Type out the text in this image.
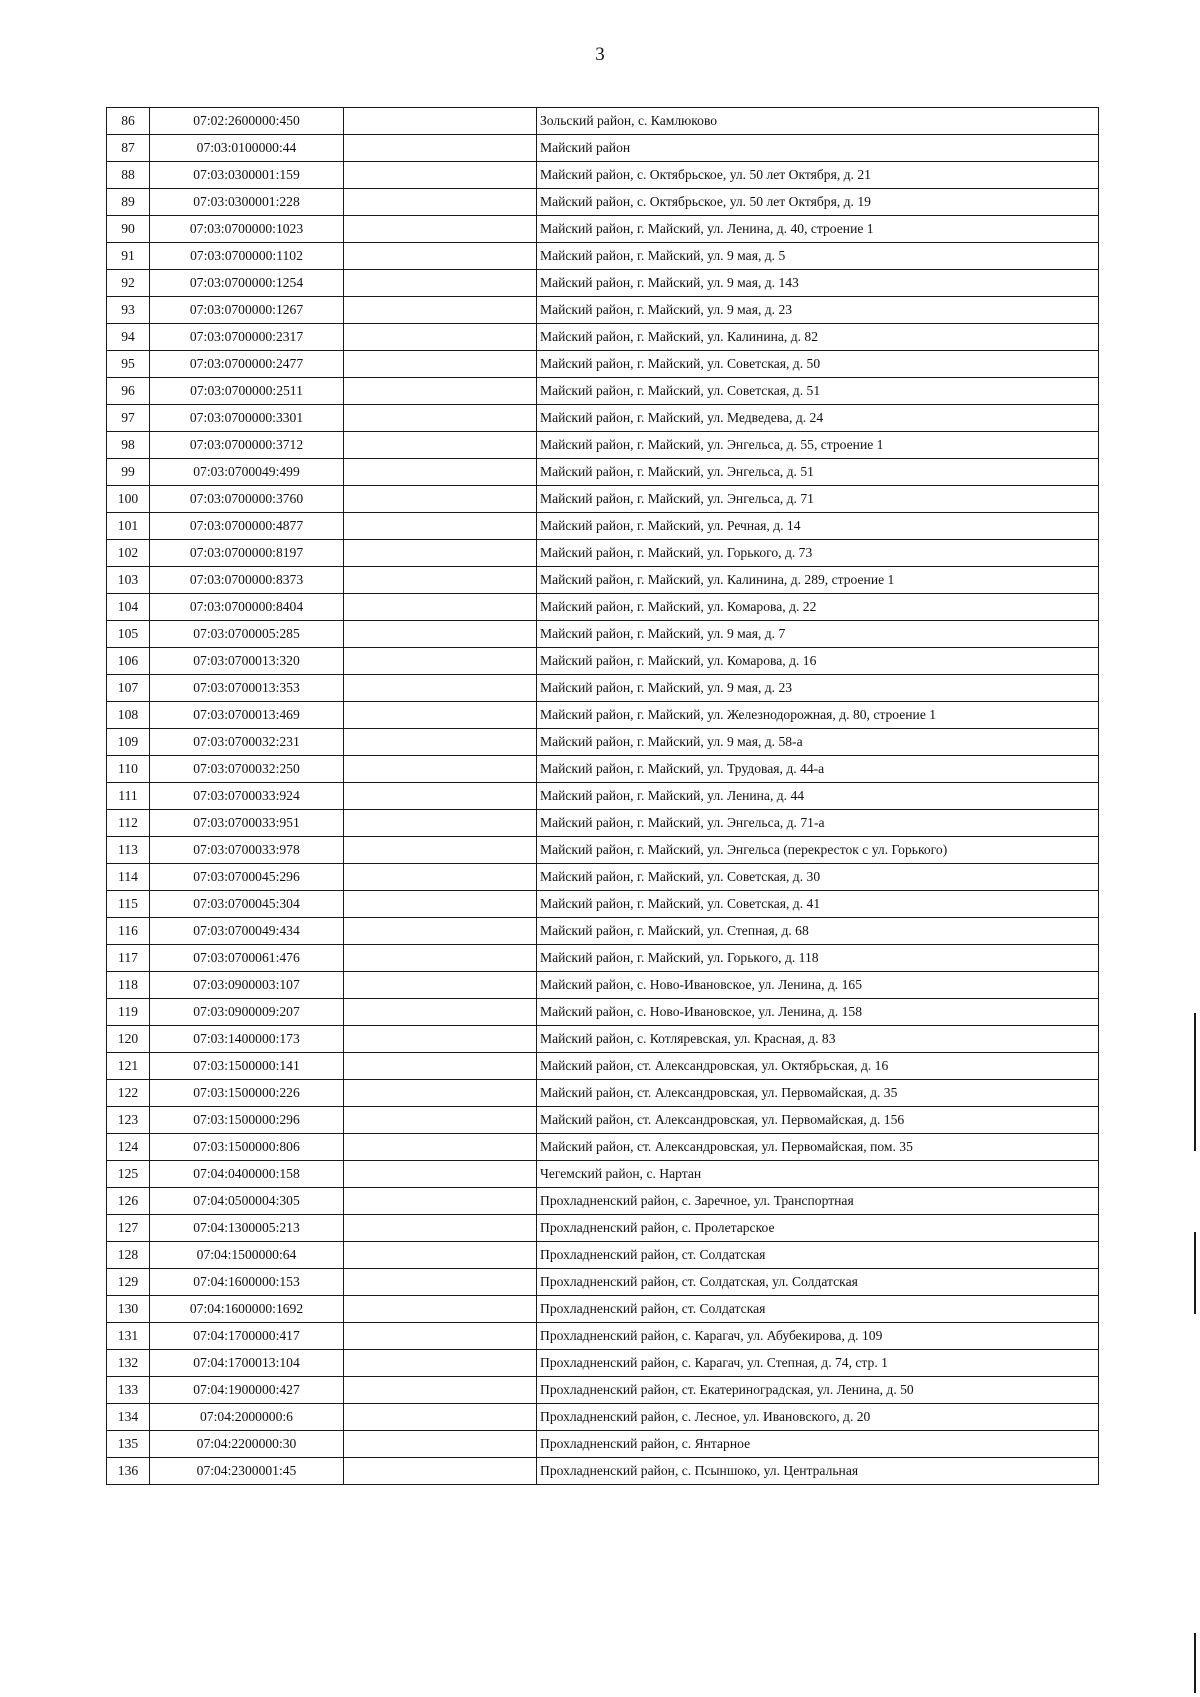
3
86	07:02:2600000:450		Зольский район, с. Камлюково
87	07:03:0100000:44		Майский район
88	07:03:0300001:159		Майский район, с. Октябрьское, ул. 50 лет Октября, д. 21
89	07:03:0300001:228		Майский район, с. Октябрьское, ул. 50 лет Октября, д. 19
90	07:03:0700000:1023		Майский район, г. Майский, ул. Ленина, д. 40, строение 1
91	07:03:0700000:1102		Майский район, г. Майский, ул. 9 мая, д. 5
92	07:03:0700000:1254		Майский район, г. Майский, ул. 9 мая, д. 143
93	07:03:0700000:1267		Майский район, г. Майский, ул. 9 мая, д. 23
94	07:03:0700000:2317		Майский район, г. Майский, ул. Калинина, д. 82
95	07:03:0700000:2477		Майский район, г. Майский, ул. Советская, д. 50
96	07:03:0700000:2511		Майский район, г. Майский, ул. Советская, д. 51
97	07:03:0700000:3301		Майский район, г. Майский, ул. Медведева, д. 24
98	07:03:0700000:3712		Майский район, г. Майский, ул. Энгельса, д. 55, строение 1
99	07:03:0700049:499		Майский район, г. Майский, ул. Энгельса, д. 51
100	07:03:0700000:3760		Майский район, г. Майский, ул. Энгельса, д. 71
101	07:03:0700000:4877		Майский район, г. Майский, ул. Речная, д. 14
102	07:03:0700000:8197		Майский район, г. Майский, ул. Горького, д. 73
103	07:03:0700000:8373		Майский район, г. Майский, ул. Калинина, д. 289, строение 1
104	07:03:0700000:8404		Майский район, г. Майский, ул. Комарова, д. 22
105	07:03:0700005:285		Майский район, г. Майский, ул. 9 мая, д. 7
106	07:03:0700013:320		Майский район, г. Майский, ул. Комарова, д. 16
107	07:03:0700013:353		Майский район, г. Майский, ул. 9 мая, д. 23
108	07:03:0700013:469		Майский район, г. Майский, ул. Железнодорожная, д. 80, строение 1
109	07:03:0700032:231		Майский район, г. Майский, ул. 9 мая, д. 58-а
110	07:03:0700032:250		Майский район, г. Майский, ул. Трудовая, д. 44-а
111	07:03:0700033:924		Майский район, г. Майский, ул. Ленина, д. 44
112	07:03:0700033:951		Майский район, г. Майский, ул. Энгельса, д. 71-а
113	07:03:0700033:978		Майский район, г. Майский, ул. Энгельса (перекресток с ул. Горького)
114	07:03:0700045:296		Майский район, г. Майский, ул. Советская, д. 30
115	07:03:0700045:304		Майский район, г. Майский, ул. Советская, д. 41
116	07:03:0700049:434		Майский район, г. Майский, ул. Степная, д. 68
117	07:03:0700061:476		Майский район, г. Майский, ул. Горького, д. 118
118	07:03:0900003:107		Майский район, с. Ново-Ивановское, ул. Ленина, д. 165
119	07:03:0900009:207		Майский район, с. Ново-Ивановское, ул. Ленина, д. 158
120	07:03:1400000:173		Майский район, с. Котляревская, ул. Красная, д. 83
121	07:03:1500000:141		Майский район, ст. Александровская, ул. Октябрьская, д. 16
122	07:03:1500000:226		Майский район, ст. Александровская, ул. Первомайская, д. 35
123	07:03:1500000:296		Майский район, ст. Александровская, ул. Первомайская, д. 156
124	07:03:1500000:806		Майский район, ст. Александровская, ул. Первомайская, пом. 35
125	07:04:0400000:158		Чегемский район, с. Нартан
126	07:04:0500004:305		Прохладненский район, с. Заречное, ул. Транспортная
127	07:04:1300005:213		Прохладненский район, с. Пролетарское
128	07:04:1500000:64		Прохладненский район, ст. Солдатская
129	07:04:1600000:153		Прохладненский район, ст. Солдатская, ул. Солдатская
130	07:04:1600000:1692		Прохладненский район, ст. Солдатская
131	07:04:1700000:417		Прохладненский район, с. Карагач, ул. Абубекирова, д. 109
132	07:04:1700013:104		Прохладненский район, с. Карагач, ул. Степная, д. 74, стр. 1
133	07:04:1900000:427		Прохладненский район, ст. Екатериноградская, ул. Ленина, д. 50
134	07:04:2000000:6		Прохладненский район, с. Лесное, ул. Ивановского, д. 20
135	07:04:2200000:30		Прохладненский район, с. Янтарное
136	07:04:2300001:45		Прохладненский район, с. Псыншоко, ул. Центральная
